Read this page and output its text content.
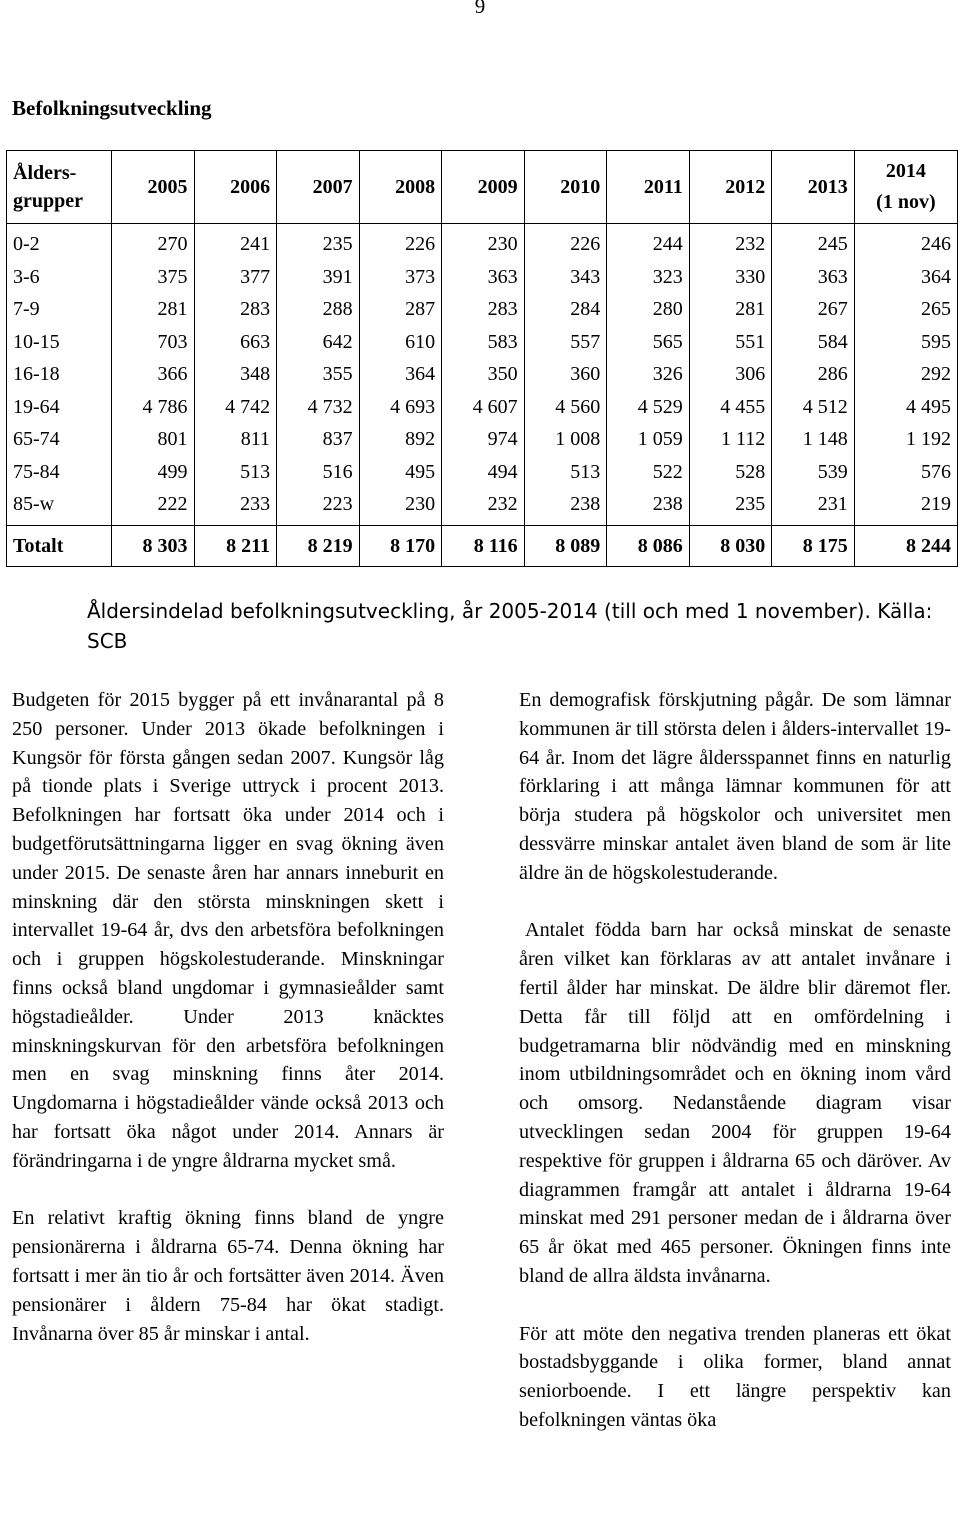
9
Befolkningsutveckling
Ålders-
grupper	2005	2006	2007	2008	2009	2010	2011	2012	2013	2014
(1 nov)
0-2	270	241	235	226	230	226	244	232	245	246
3-6	375	377	391	373	363	343	323	330	363	364
7-9	281	283	288	287	283	284	280	281	267	265
10-15	703	663	642	610	583	557	565	551	584	595
16-18	366	348	355	364	350	360	326	306	286	292
19-64	4 786	4 742	4 732	4 693	4 607	4 560	4 529	4 455	4 512	4 495
65-74	801	811	837	892	974	1 008	1 059	1 112	1 148	1 192
75-84	499	513	516	495	494	513	522	528	539	576
85-w	222	233	223	230	232	238	238	235	231	219
Totalt	8 303	8 211	8 219	8 170	8 116	8 089	8 086	8 030	8 175	8 244
Åldersindelad befolkningsutveckling, år 2005-2014 (till och med 1 november). Källa: SCB

Budgeten för 2015 bygger på ett invånarantal på 8 250 personer. Under 2013 ökade befolkningen i Kungsör för första gången sedan 2007. Kungsör låg på tionde plats i Sverige uttryck i procent 2013. Befolkningen har fortsatt öka under 2014 och i budgetförutsättningarna ligger en svag ökning även under 2015. De senaste åren har annars inneburit en minskning där den största minskningen skett i intervallet 19-64 år, dvs den arbetsföra befolkningen och i gruppen högskolestuderande. Minskningar finns också bland ungdomar i gymnasieålder samt högstadieålder. Under 2013 knäcktes minskningskurvan för den arbetsföra befolkningen men en svag minskning finns åter 2014. Ungdomarna i högstadieålder vände också 2013 och har fortsatt öka något under 2014. Annars är förändringarna i de yngre åldrarna mycket små.

En relativt kraftig ökning finns bland de yngre pensionärerna i åldrarna 65-74. Denna ökning har fortsatt i mer än tio år och fortsätter även 2014. Även pensionärer i åldern 75-84 har ökat stadigt. Invånarna över 85 år minskar i antal.

En demografisk förskjutning pågår. De som lämnar kommunen är till största delen i ålders-intervallet 19-64 år. Inom det lägre åldersspannet finns en naturlig förklaring i att många lämnar kommunen för att börja studera på högskolor och universitet men dessvärre minskar antalet även bland de som är lite äldre än de högskolestuderande.

Antalet födda barn har också minskat de senaste åren vilket kan förklaras av att antalet invånare i fertil ålder har minskat. De äldre blir däremot fler. Detta får till följd att en omfördelning i budgetramarna blir nödvändig med en minskning inom utbildningsområdet och en ökning inom vård och omsorg. Nedanstående diagram visar utvecklingen sedan 2004 för gruppen 19-64 respektive för gruppen i åldrarna 65 och däröver. Av diagrammen framgår att antalet i åldrarna 19-64 minskat med 291 personer medan de i åldrarna över 65 år ökat med 465 personer. Ökningen finns inte bland de allra äldsta invånarna.

För att möte den negativa trenden planeras ett ökat bostadsbyggande i olika former, bland annat seniorboende. I ett längre perspektiv kan befolkningen väntas öka
